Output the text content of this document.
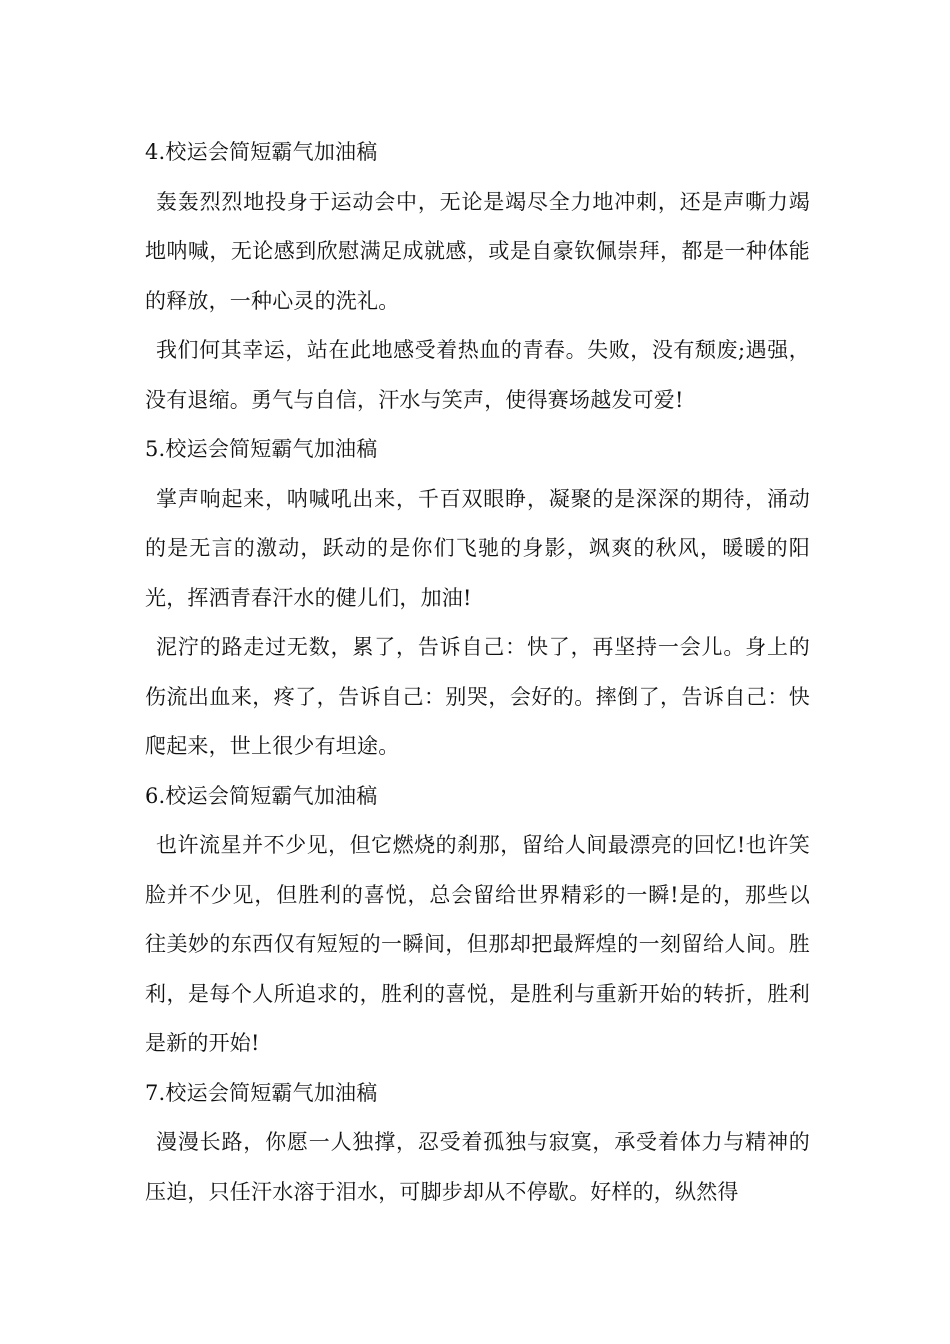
4.校运会简短霸气加油稿

轰轰烈烈地投身于运动会中，无论是竭尽全力地冲刺，还是声嘶力竭地呐喊，无论感到欣慰满足成就感，或是自豪钦佩崇拜，都是一种体能的释放，一种心灵的洗礼。

我们何其幸运，站在此地感受着热血的青春。失败，没有颓废;遇强，没有退缩。勇气与自信，汗水与笑声，使得赛场越发可爱!

5.校运会简短霸气加油稿

掌声响起来，呐喊吼出来，千百双眼睁，凝聚的是深深的期待，涌动的是无言的激动，跃动的是你们飞驰的身影，飒爽的秋风，暖暖的阳光，挥洒青春汗水的健儿们，加油!

泥泞的路走过无数，累了，告诉自己：快了，再坚持一会儿。身上的伤流出血来，疼了，告诉自己：别哭，会好的。摔倒了，告诉自己：快爬起来，世上很少有坦途。

6.校运会简短霸气加油稿

也许流星并不少见，但它燃烧的刹那，留给人间最漂亮的回忆!也许笑脸并不少见，但胜利的喜悦，总会留给世界精彩的一瞬!是的，那些以往美妙的东西仅有短短的一瞬间，但那却把最辉煌的一刻留给人间。胜利，是每个人所追求的，胜利的喜悦，是胜利与重新开始的转折，胜利是新的开始!

7.校运会简短霸气加油稿

漫漫长路，你愿一人独撑，忍受着孤独与寂寞，承受着体力与精神的压迫，只任汗水溶于泪水，可脚步却从不停歇。好样的，纵然得
